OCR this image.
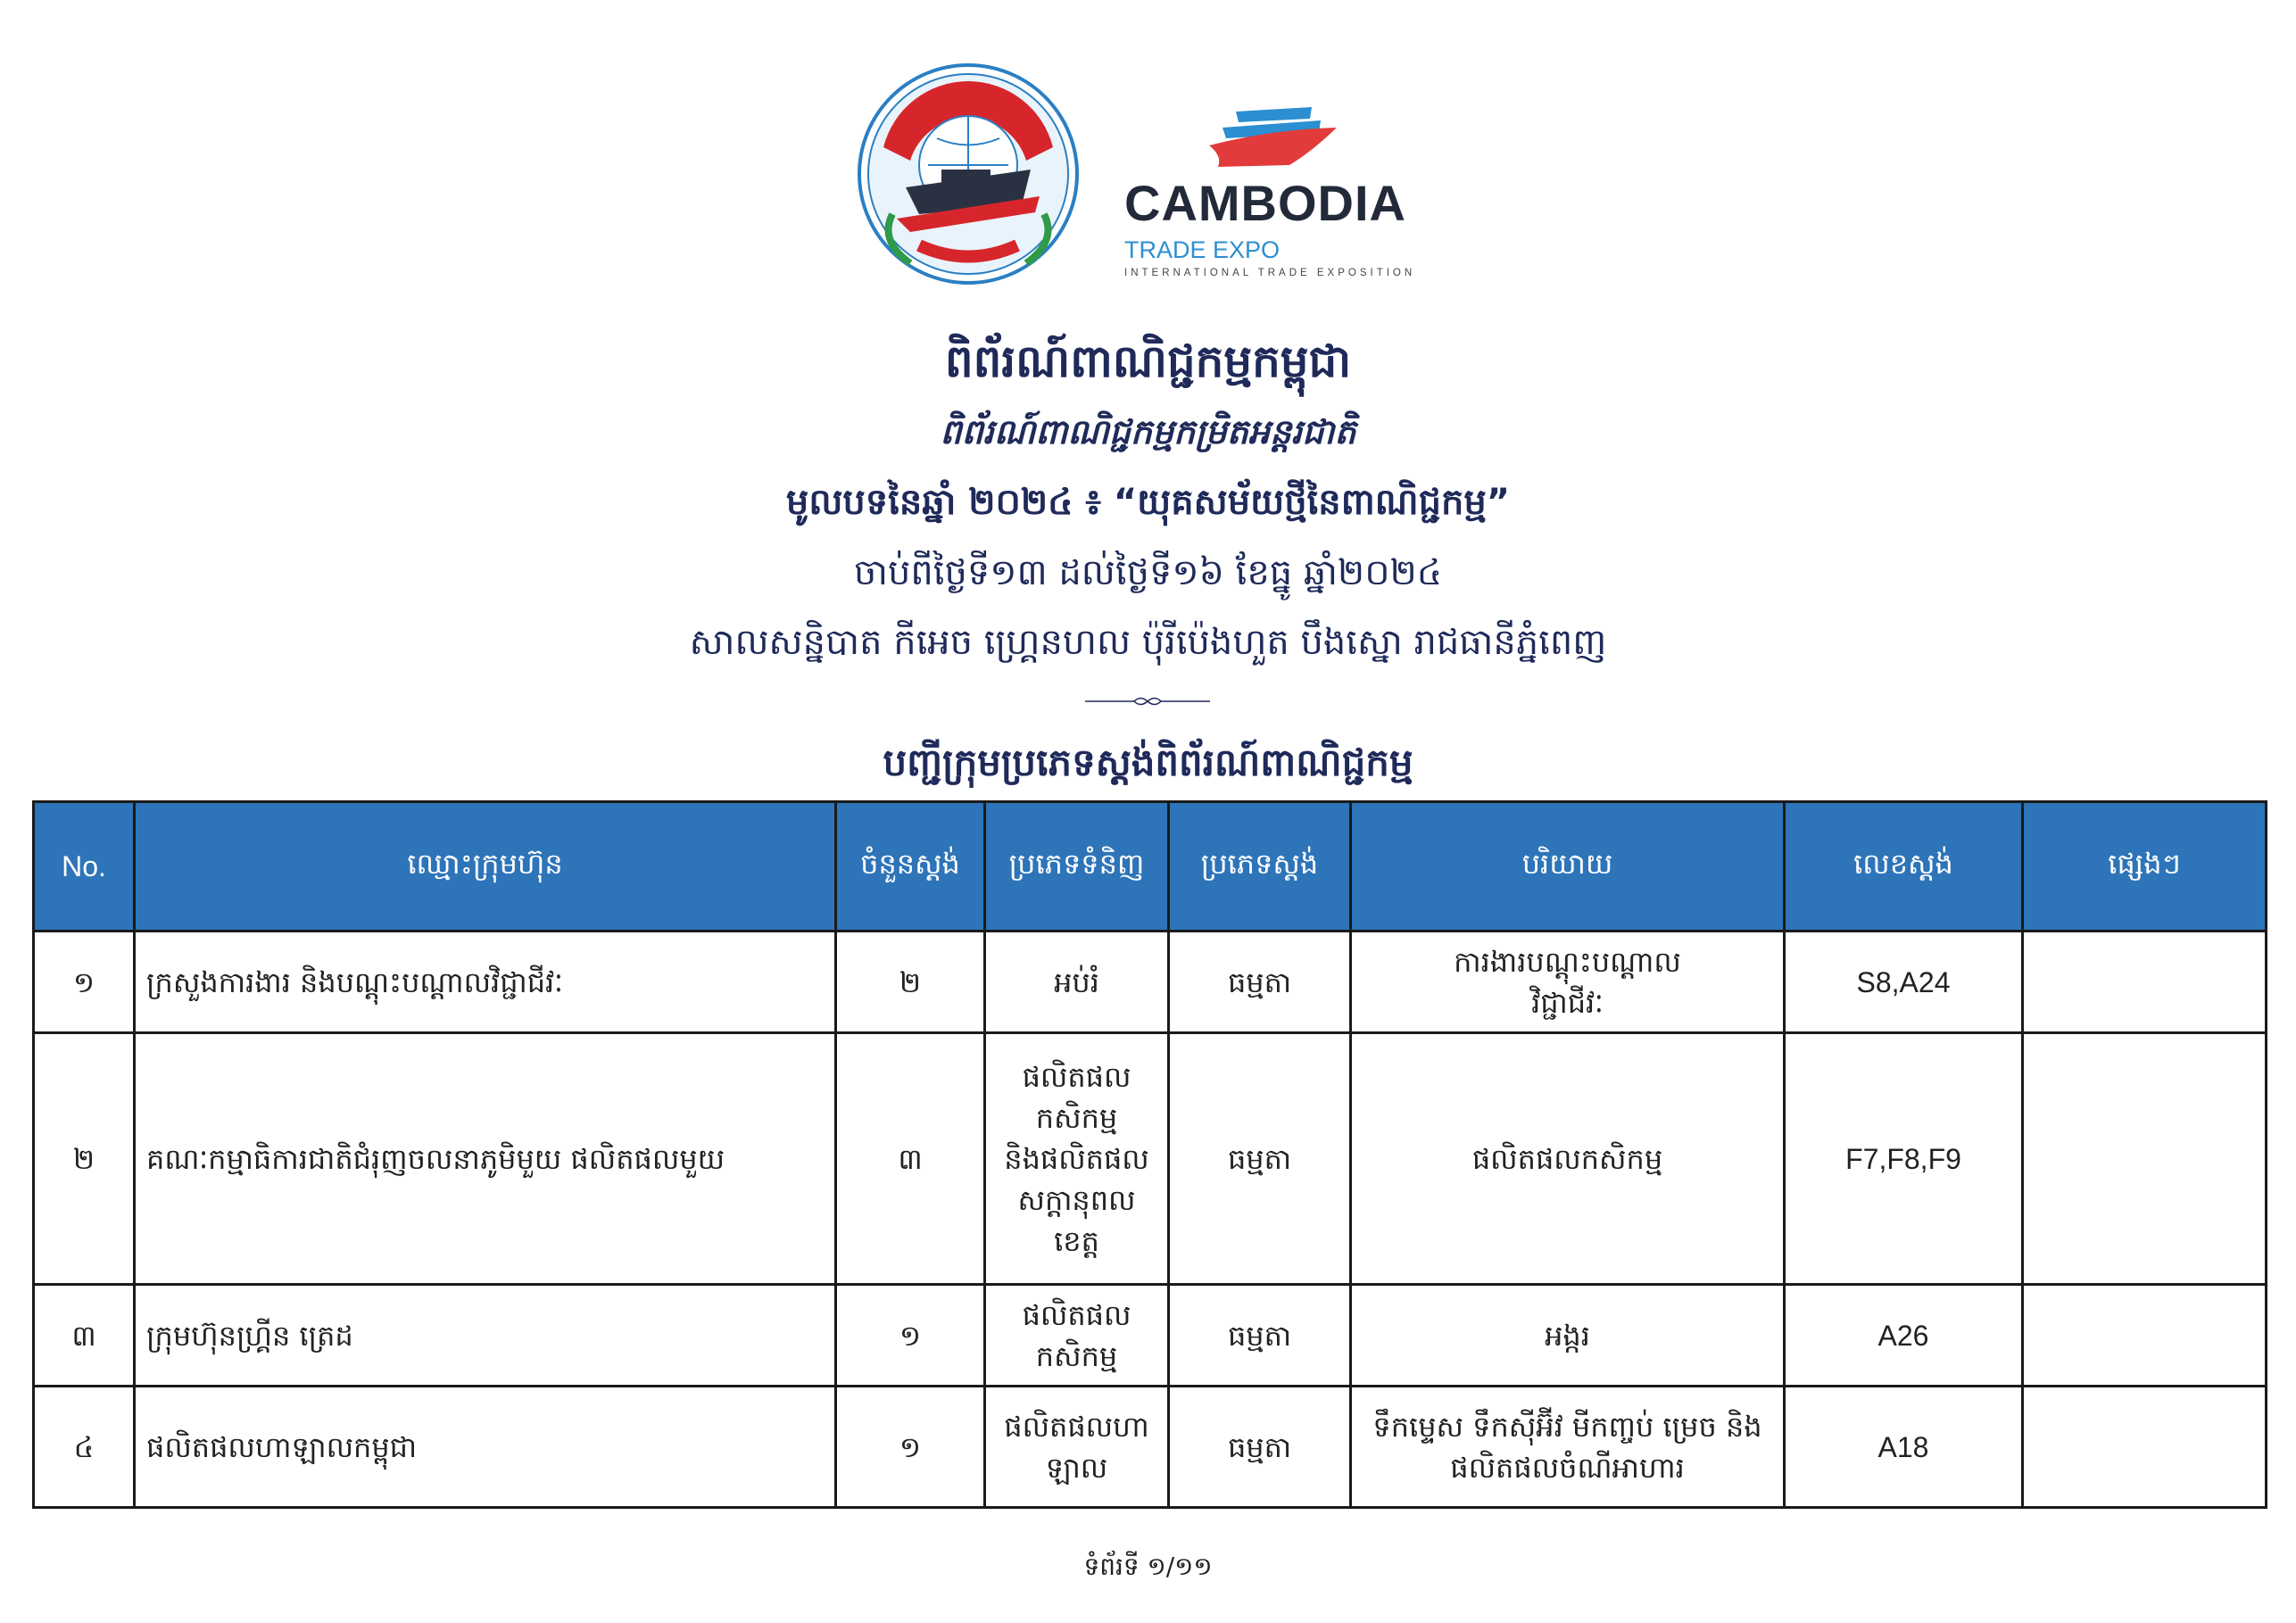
CAMBODIA
TRADE EXPO
INTERNATIONAL TRADE EXPOSITION
ពិព័រណ៍ពាណិជ្ជកម្មកម្ពុជា
ពិព័រណ៍ពាណិជ្ជកម្មកម្រិតអន្តរជាតិ
មូលបទនៃឆ្នាំ ២០២៤ ៖ “យុគសម័យថ្មីនៃពាណិជ្ជកម្ម”
ចាប់ពីថ្ងៃទី១៣ ដល់ថ្ងៃទី១៦ ខែធ្នូ ឆ្នាំ២០២៤
សាលសន្និបាត កីអេច ហ្គ្រេនហល ប៉ុរីប៉េងហួត បឹងស្នោ រាជធានីភ្នំពេញ
បញ្ជីក្រុមប្រភេទស្តង់ពិព័រណ៍ពាណិជ្ជកម្ម
No.	ឈ្មោះក្រុមហ៊ុន	ចំនួនស្តង់	ប្រភេទទំនិញ	ប្រភេទស្តង់	បរិយាយ	លេខស្តង់	ផ្សេងៗ
១	ក្រសួងការងារ និងបណ្តុះបណ្តាលវិជ្ជាជីវៈ	២	អប់រំ	ធម្មតា	ការងារបណ្តុះបណ្តាល
វិជ្ជាជីវៈ	S8,A24	
២	គណៈកម្មាធិការជាតិជំរុញចលនាភូមិមួយ ផលិតផលមួយ	៣	ផលិតផល
កសិកម្ម
និងផលិតផល
សក្តានុពល
ខេត្ត	ធម្មតា	ផលិតផលកសិកម្ម	F7,F8,F9	
៣	ក្រុមហ៊ុនហ្គ្រីន ត្រេដ	១	ផលិតផល
កសិកម្ម	ធម្មតា	អង្ករ	A26	
៤	ផលិតផលហាឡាលកម្ពុជា	១	ផលិតផលហា
ឡាល	ធម្មតា	ទឹកម្ទេស ទឹកស៊ីអ៊ីវ មីកញ្ចប់ ម្រេច និង
ផលិតផលចំណីអាហារ	A18	
ទំព័រទី ១/១១
